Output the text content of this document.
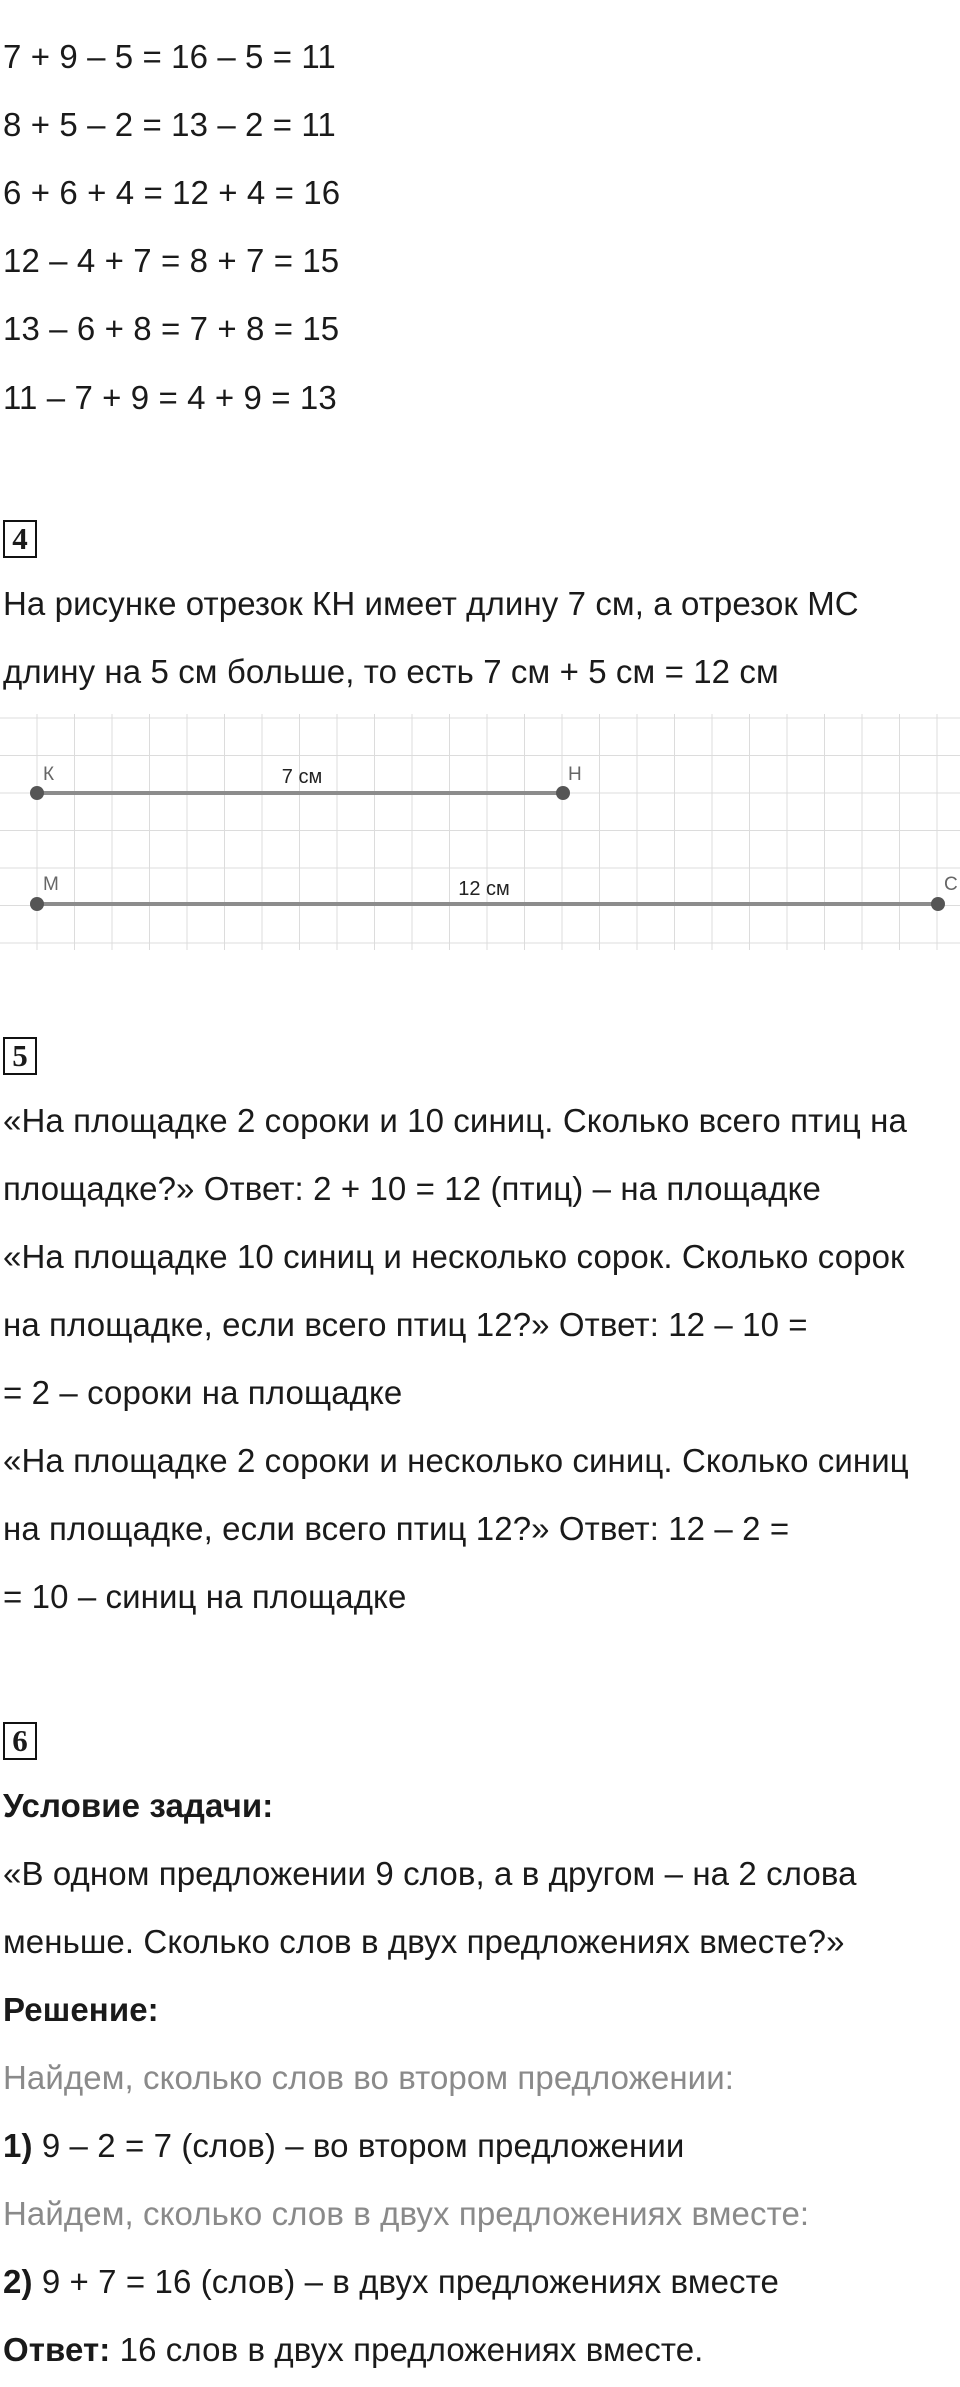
7 + 9 – 5 = 16 – 5 = 11
8 + 5 – 2 = 13 – 2 = 11
6 + 6 + 4 = 12 + 4 = 16
12 – 4 + 7 = 8 + 7 = 15
13 – 6 + 8 = 7 + 8 = 15
11 – 7 + 9 = 4 + 9 = 13
4
На рисунке отрезок КН имеет длину 7 см, а отрезок МС
длину на 5 см больше, то есть 7 см + 5 см = 12 см
К	Н
7 см
М	С
12 см
5
«На площадке 2 сороки и 10 синиц. Сколько всего птиц на
площадке?» Ответ: 2 + 10 = 12 (птиц) – на площадке
«На площадке 10 синиц и несколько сорок. Сколько сорок
на площадке, если всего птиц 12?» Ответ: 12 – 10 =
= 2 – сороки на площадке
«На площадке 2 сороки и несколько синиц. Сколько синиц
на площадке, если всего птиц 12?» Ответ: 12 – 2 =
= 10 – синиц на площадке
6
Условие задачи:
«В одном предложении 9 слов, а в другом – на 2 слова
меньше. Сколько слов в двух предложениях вместе?»
Решение:
Найдем, сколько слов во втором предложении:
1) 9 – 2 = 7 (слов) – во втором предложении
Найдем, сколько слов в двух предложениях вместе:
2) 9 + 7 = 16 (слов) – в двух предложениях вместе
Ответ: 16 слов в двух предложениях вместе.
